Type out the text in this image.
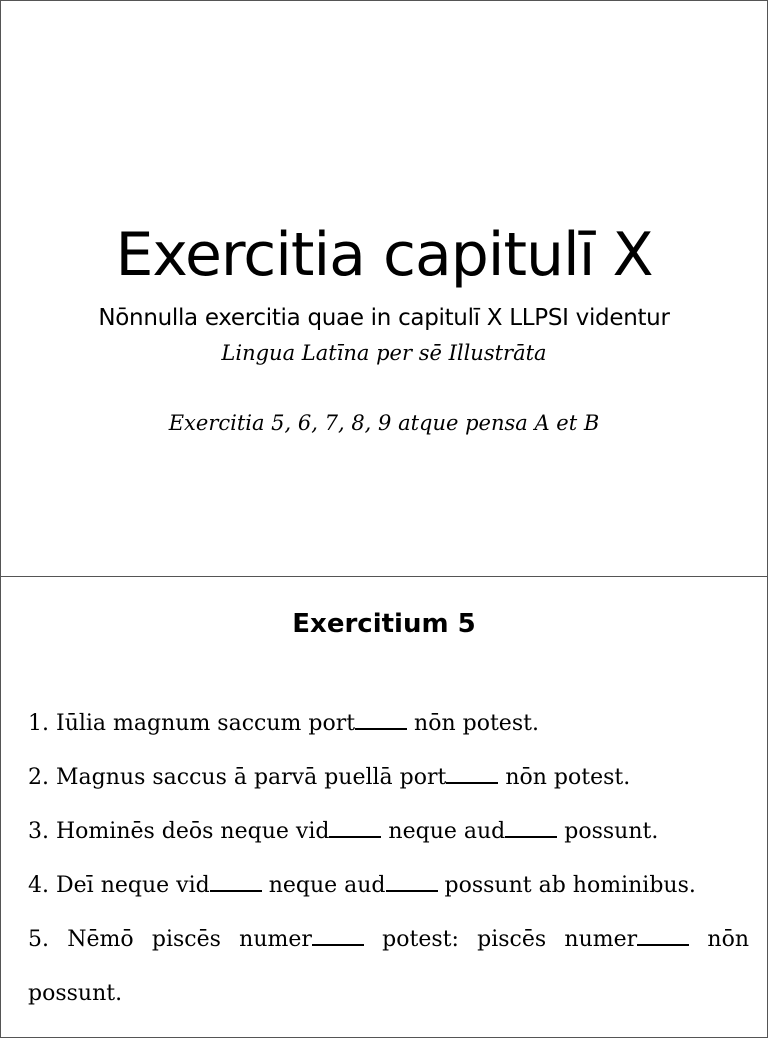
Exercitia capitulī X
Nōnnulla exercitia quae in capitulī X LLPSI videntur
Lingua Latīna per sē Illustrāta
Exercitia 5, 6, 7, 8, 9 atque pensa A et B
Exercitium 5
1. Iūlia magnum saccum port nōn potest.
2. Magnus saccus ā parvā puellā port nōn potest.
3. Hominēs deōs neque vid neque aud possunt.
4. Deī neque vid neque aud possunt ab hominibus.
5. Nēmō piscēs numer potest: piscēs numer nōn possunt.
